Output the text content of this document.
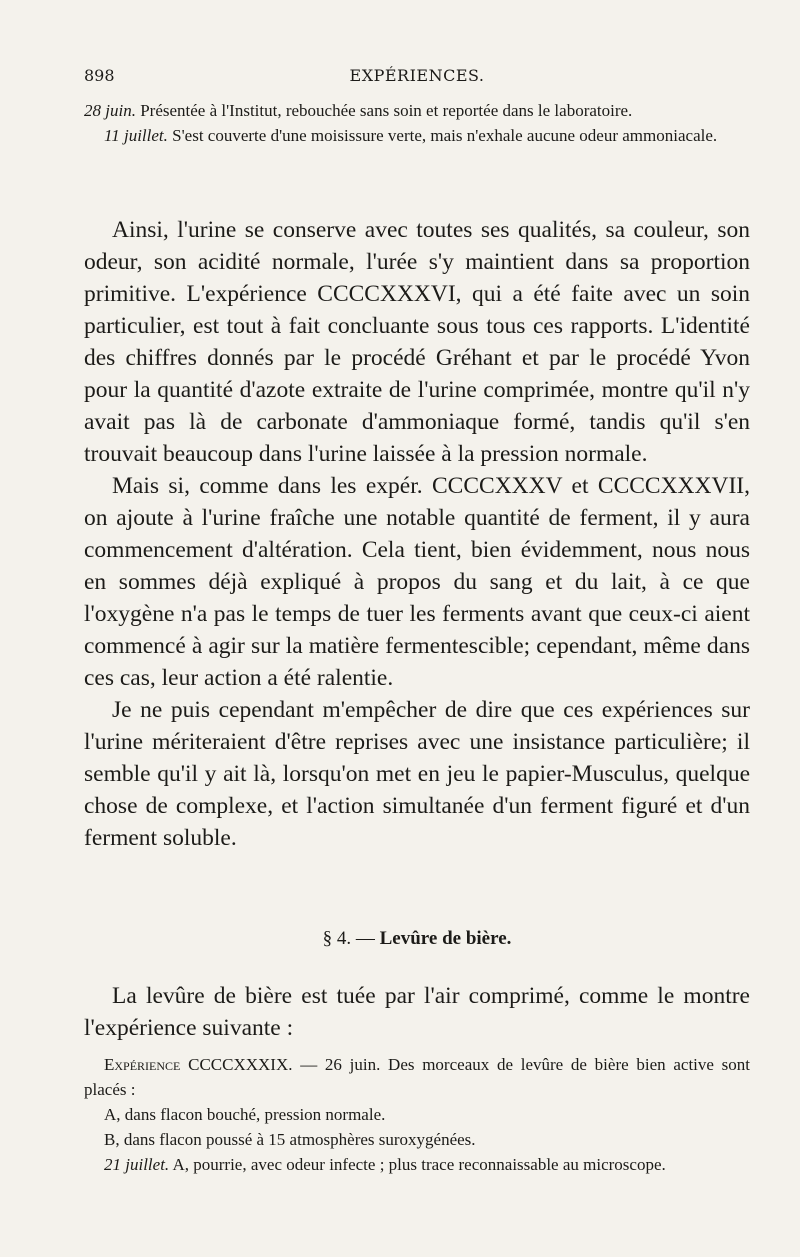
898	EXPÉRIENCES.

28 juin. Présentée à l'Institut, rebouchée sans soin et reportée dans le laboratoire.

11 juillet. S'est couverte d'une moisissure verte, mais n'exhale aucune odeur ammoniacale.

Ainsi, l'urine se conserve avec toutes ses qualités, sa couleur, son odeur, son acidité normale, l'urée s'y maintient dans sa proportion primitive. L'expérience CCCCXXXVI, qui a été faite avec un soin particulier, est tout à fait concluante sous tous ces rapports. L'identité des chiffres donnés par le procédé Gréhant et par le procédé Yvon pour la quantité d'azote extraite de l'urine comprimée, montre qu'il n'y avait pas là de carbonate d'ammoniaque formé, tandis qu'il s'en trouvait beaucoup dans l'urine laissée à la pression normale.

Mais si, comme dans les expér. CCCCXXXV et CCCCXXXVII, on ajoute à l'urine fraîche une notable quantité de ferment, il y aura commencement d'altération. Cela tient, bien évidemment, nous nous en sommes déjà expliqué à propos du sang et du lait, à ce que l'oxygène n'a pas le temps de tuer les ferments avant que ceux-ci aient commencé à agir sur la matière fermentescible; cependant, même dans ces cas, leur action a été ralentie.

Je ne puis cependant m'empêcher de dire que ces expériences sur l'urine mériteraient d'être reprises avec une insistance particulière; il semble qu'il y ait là, lorsqu'on met en jeu le papier-Musculus, quelque chose de complexe, et l'action simultanée d'un ferment figuré et d'un ferment soluble.

§ 4. — Levûre de bière.

La levûre de bière est tuée par l'air comprimé, comme le montre l'expérience suivante :

Expérience CCCCXXXIX. — 26 juin. Des morceaux de levûre de bière bien active sont placés :

A, dans flacon bouché, pression normale.

B, dans flacon poussé à 15 atmosphères suroxygénées.

21 juillet. A, pourrie, avec odeur infecte ; plus trace reconnaissable au microscope.
